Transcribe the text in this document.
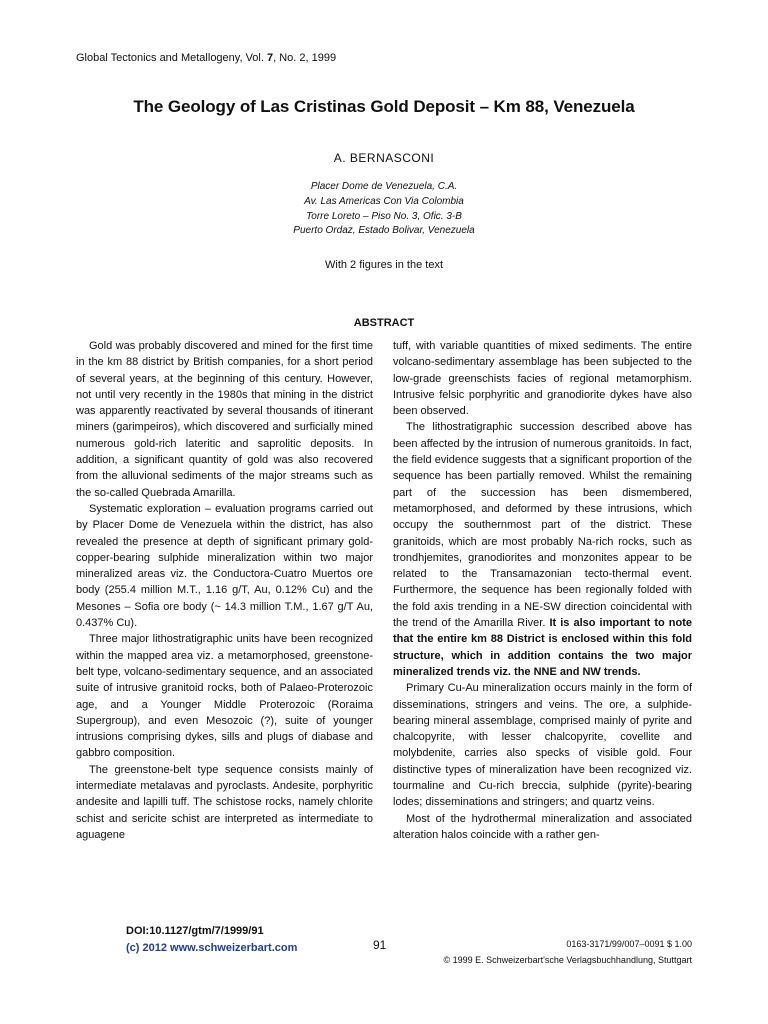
Global Tectonics and Metallogeny, Vol. 7, No. 2, 1999
The Geology of Las Cristinas Gold Deposit – Km 88, Venezuela
A. BERNASCONI
Placer Dome de Venezuela, C.A.
Av. Las Americas Con Via Colombia
Torre Loreto – Piso No. 3, Ofic. 3-B
Puerto Ordaz, Estado Bolivar, Venezuela
With 2 figures in the text
ABSTRACT

Gold was probably discovered and mined for the first time in the km 88 district by British companies, for a short period of several years, at the beginning of this century. However, not until very recently in the 1980s that mining in the district was apparently reactivated by several thousands of itinerant miners (garimpeiros), which discovered and surficially mined numerous gold-rich lateritic and saprolitic deposits. In addition, a significant quantity of gold was also recovered from the alluvional sediments of the major streams such as the so-called Quebrada Amarilla.

Systematic exploration – evaluation programs carried out by Placer Dome de Venezuela within the district, has also revealed the presence at depth of significant primary gold-copper-bearing sulphide mineralization within two major mineralized areas viz. the Conductora-Cuatro Muertos ore body (255.4 million M.T., 1.16 g/T, Au, 0.12% Cu) and the Mesones – Sofia ore body (~ 14.3 million T.M., 1.67 g/T Au, 0.437% Cu).

Three major lithostratigraphic units have been recognized within the mapped area viz. a metamorphosed, greenstone-belt type, volcano-sedimentary sequence, and an associated suite of intrusive granitoid rocks, both of Palaeo-Proterozoic age, and a Younger Middle Proterozoic (Roraima Supergroup), and even Mesozoic (?), suite of younger intrusions comprising dykes, sills and plugs of diabase and gabbro composition.

The greenstone-belt type sequence consists mainly of intermediate metalavas and pyroclasts. Andesite, porphyritic andesite and lapilli tuff. The schistose rocks, namely chlorite schist and sericite schist are interpreted as intermediate to aguagene

tuff, with variable quantities of mixed sediments. The entire volcano-sedimentary assemblage has been subjected to the low-grade greenschists facies of regional metamorphism. Intrusive felsic porphyritic and granodiorite dykes have also been observed.

The lithostratigraphic succession described above has been affected by the intrusion of numerous granitoids. In fact, the field evidence suggests that a significant proportion of the sequence has been partially removed. Whilst the remaining part of the succession has been dismembered, metamorphosed, and deformed by these intrusions, which occupy the southernmost part of the district. These granitoids, which are most probably Na-rich rocks, such as trondhjemites, granodiorites and monzonites appear to be related to the Transamazonian tecto-thermal event. Furthermore, the sequence has been regionally folded with the fold axis trending in a NE-SW direction coincidental with the trend of the Amarilla River. It is also important to note that the entire km 88 District is enclosed within this fold structure, which in addition contains the two major mineralized trends viz. the NNE and NW trends.

Primary Cu-Au mineralization occurs mainly in the form of disseminations, stringers and veins. The ore, a sulphide-bearing mineral assemblage, comprised mainly of pyrite and chalcopyrite, with lesser chalcopyrite, covellite and molybdenite, carries also specks of visible gold. Four distinctive types of mineralization have been recognized viz. tourmaline and Cu-rich breccia, sulphide (pyrite)-bearing lodes; disseminations and stringers; and quartz veins.

Most of the hydrothermal mineralization and associated alteration halos coincide with a rather gen-

DOI:10.1127/gtm/7/1999/91
(c) 2012 www.schweizerbart.com	91	0163-3171/99/007–0091 $ 1.00
© 1999 E. Schweizerbart'sche Verlagsbuchhandlung, Stuttgart
